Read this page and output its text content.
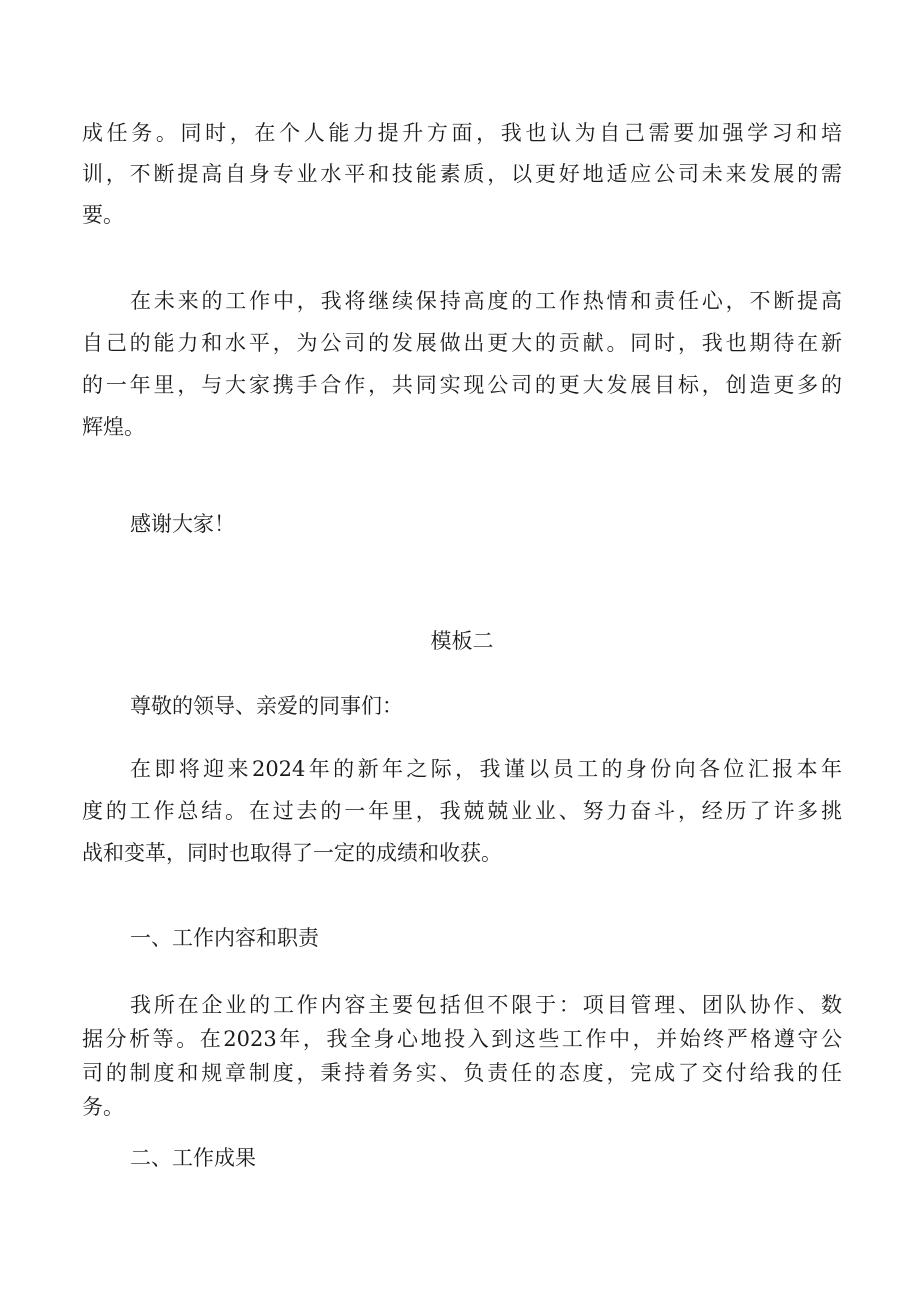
成任务。同时，在个人能力提升方面，我也认为自己需要加强学习和培
训，不断提高自身专业水平和技能素质，以更好地适应公司未来发展的需
要。
在未来的工作中，我将继续保持高度的工作热情和责任心，不断提高
自己的能力和水平，为公司的发展做出更大的贡献。同时，我也期待在新
的一年里，与大家携手合作，共同实现公司的更大发展目标，创造更多的
辉煌。
感谢大家！
模板二
尊敬的领导、亲爱的同事们：
在即将迎来2024年的新年之际，我谨以员工的身份向各位汇报本年
度的工作总结。在过去的一年里，我兢兢业业、努力奋斗，经历了许多挑
战和变革，同时也取得了一定的成绩和收获。
一、工作内容和职责
我所在企业的工作内容主要包括但不限于：项目管理、团队协作、数
据分析等。在2023年，我全身心地投入到这些工作中，并始终严格遵守公
司的制度和规章制度，秉持着务实、负责任的态度，完成了交付给我的任
务。
二、工作成果
